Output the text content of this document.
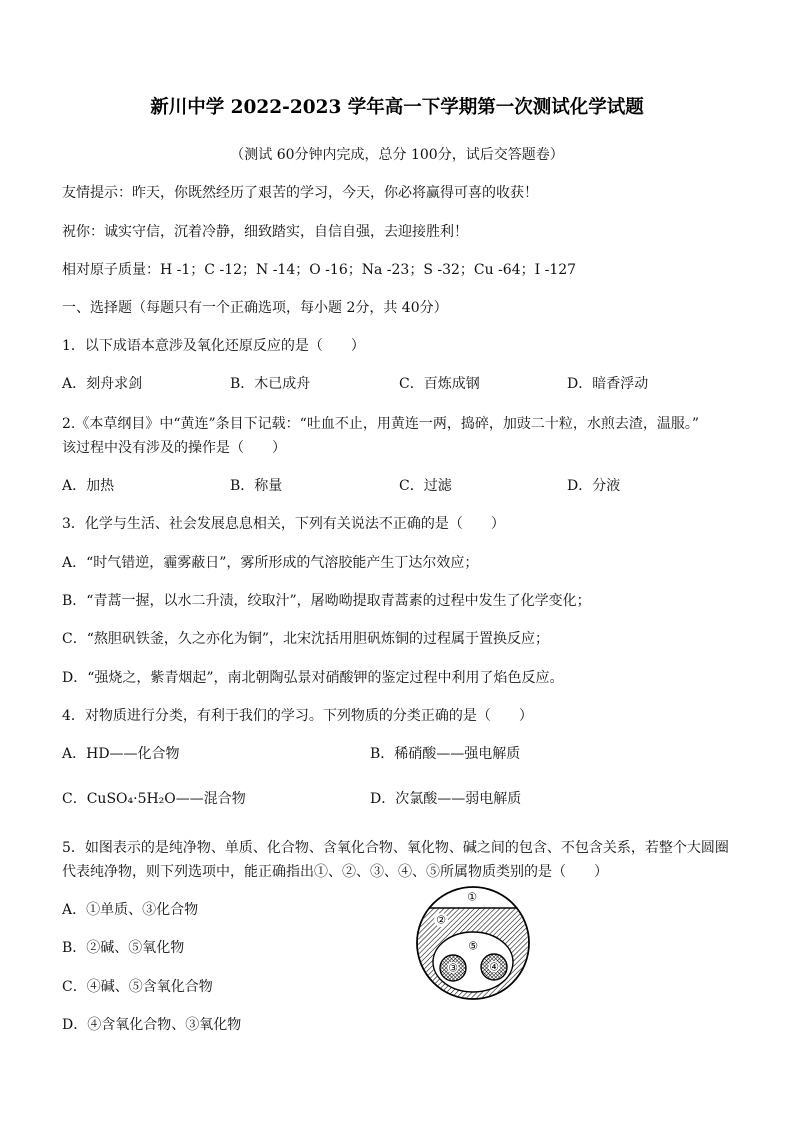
新川中学 2022-2023 学年高一下学期第一次测试化学试题
（测试 60分钟内完成，总分 100分，试后交答题卷）
友情提示：昨天，你既然经历了艰苦的学习，今天，你必将赢得可喜的收获！
祝你：诚实守信，沉着冷静，细致踏实，自信自强，去迎接胜利！
相对原子质量：H -1；C -12；N -14；O -16；Na -23；S -32；Cu -64；I -127
一、选择题（每题只有一个正确选项，每小题 2分，共 40分）
1．以下成语本意涉及氧化还原反应的是（　　）
A．刻舟求剑	B．木已成舟	C．百炼成钢	D．暗香浮动
2.《本草纲目》中“黄连”条目下记载：“吐血不止，用黄连一两，捣碎，加豉二十粒，水煎去渣，温服。”
该过程中没有涉及的操作是（　　）
A．加热	B．称量	C．过滤	D．分液
3．化学与生活、社会发展息息相关，下列有关说法不正确的是（　　）
A．“时气错逆，霾雾蔽日”，雾所形成的气溶胶能产生丁达尔效应；
B．“青蒿一握，以水二升渍，绞取汁”，屠呦呦提取青蒿素的过程中发生了化学变化；
C．“熬胆矾铁釜，久之亦化为铜”，北宋沈括用胆矾炼铜的过程属于置换反应；
D．“强烧之，紫青烟起”，南北朝陶弘景对硝酸钾的鉴定过程中利用了焰色反应。
4．对物质进行分类，有利于我们的学习。下列物质的分类正确的是（　　）
A．HD——化合物	B．稀硝酸——强电解质
C．CuSO₄·5H₂O——混合物	D．次氯酸——弱电解质
5．如图表示的是纯净物、单质、化合物、含氧化合物、氧化物、碱之间的包含、不包含关系，若整个大圆圈
代表纯净物，则下列选项中，能正确指出①、②、③、④、⑤所属物质类别的是（　　）
A．①单质、③化合物
B．②碱、⑤氧化物
C．④碱、⑤含氧化合物
D．④含氧化合物、③氧化物
①
②
③	④
⑤
